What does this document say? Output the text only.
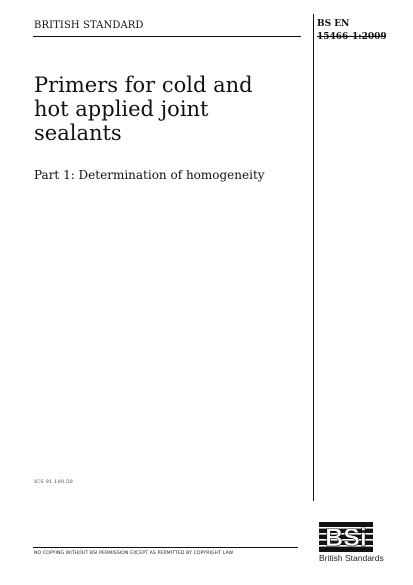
BRITISH STANDARD	BS EN
15466-1:2009
Primers for cold and
hot applied joint
sealants
Part 1: Determination of homogeneity
ICS 91.100.50
NO COPYING WITHOUT BSI PERMISSION EXCEPT AS PERMITTED BY COPYRIGHT LAW
BSi
British Standards
